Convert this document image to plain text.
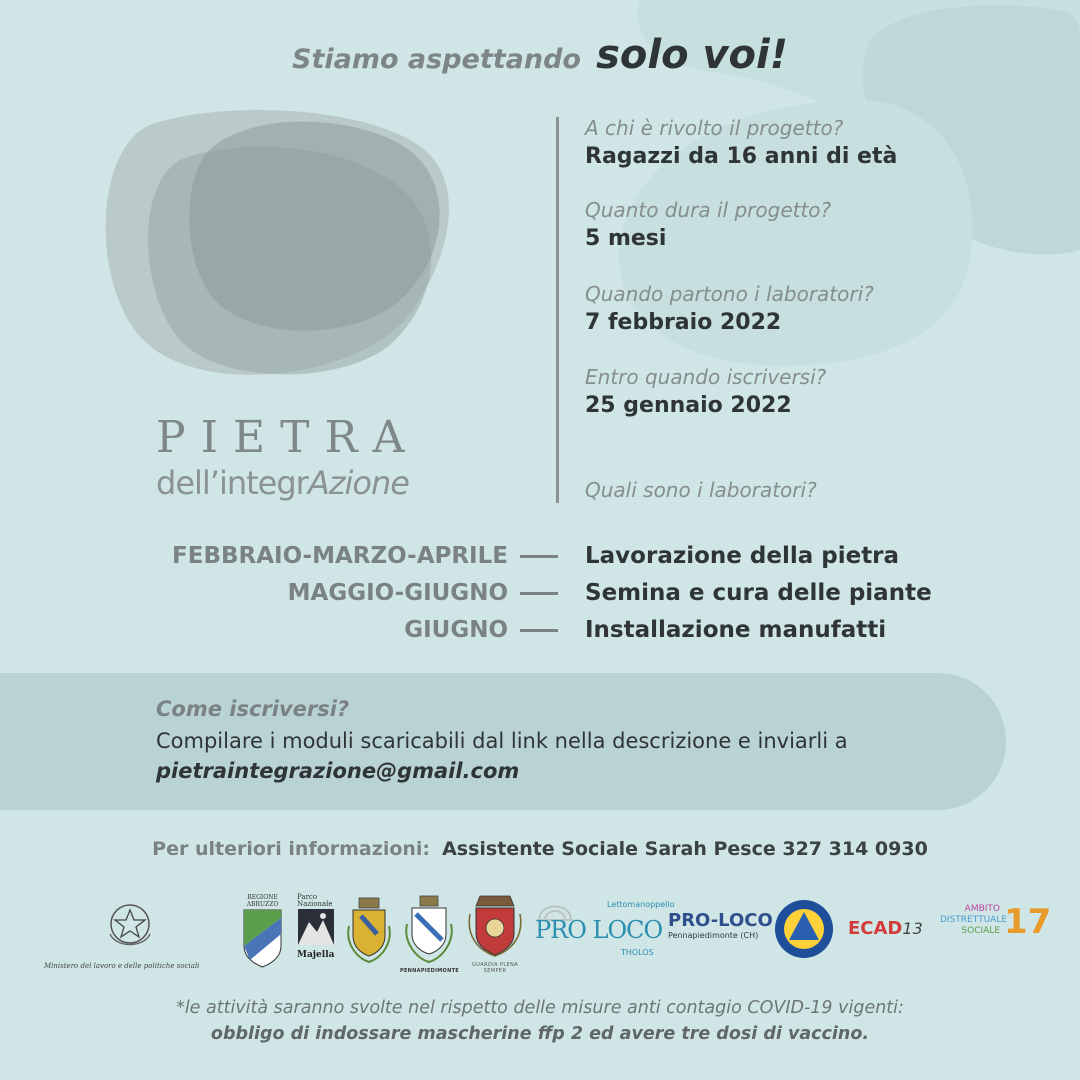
Stiamo aspettando solo voi!
PIETRA
dell’integrAzione
A chi è rivolto il progetto?
Ragazzi da 16 anni di età
Quanto dura il progetto?
5 mesi
Quando partono i laboratori?
7 febbraio 2022
Entro quando iscriversi?
25 gennaio 2022
Quali sono i laboratori?
FEBBRAIO-MARZO-APRILE	Lavorazione della pietra
MAGGIO-GIUGNO	Semina e cura delle piante
GIUGNO	Installazione manufatti
Come iscriversi?
Compilare i moduli scaricabili dal link nella descrizione e inviarli a
pietraintegrazione@gmail.com
Per ulteriori informazioni: Assistente Sociale Sarah Pesce 327 314 0930
Ministero del lavoro e delle politiche sociali
REGIONE
ABRUZZO
Parco
Nazionale
Majella
PENNAPIEDIMONTE
GUARDIA PLENA SEMPER
Lettomanoppello
PRO LOCO
THOLOS
PRO-LOCO
Pennapiedimonte (CH)	ECAD13
AMBITO
DISTRETTUALE
SOCIALE 17
*le attività saranno svolte nel rispetto delle misure anti contagio COVID-19 vigenti:
obbligo di indossare mascherine ffp 2 ed avere tre dosi di vaccino.
